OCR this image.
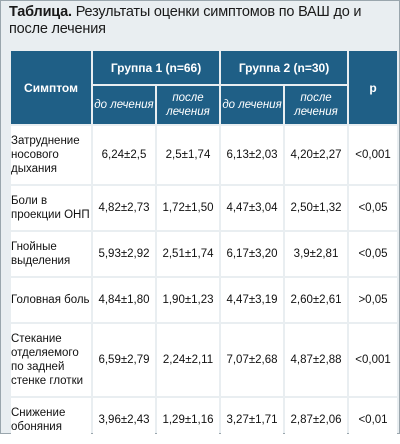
Таблица. Результаты оценки симптомов по ВАШ до и после лечения
Симптом	Группа 1 (n=66)		Группа 2 (n=30)		p
	до лечения	после лечения	до лечения	после лечения	
Затруднение носового дыхания	6,24±2,5	2,5±1,74	6,13±2,03	4,20±2,27	<0,001
Боли в проекции ОНП	4,82±2,73	1,72±1,50	4,47±3,04	2,50±1,32	<0,05
Гнойные выделения	5,93±2,92	2,51±1,74	6,17±3,20	3,9±2,81	<0,05
Головная боль	4,84±1,80	1,90±1,23	4,47±3,19	2,60±2,61	>0,05
Стекание отделяемого по задней стенке глотки	6,59±2,79	2,24±2,11	7,07±2,68	4,87±2,88	<0,001
Снижение обоняния	3,96±2,43	1,29±1,16	3,27±1,71	2,87±2,06	<0,01
